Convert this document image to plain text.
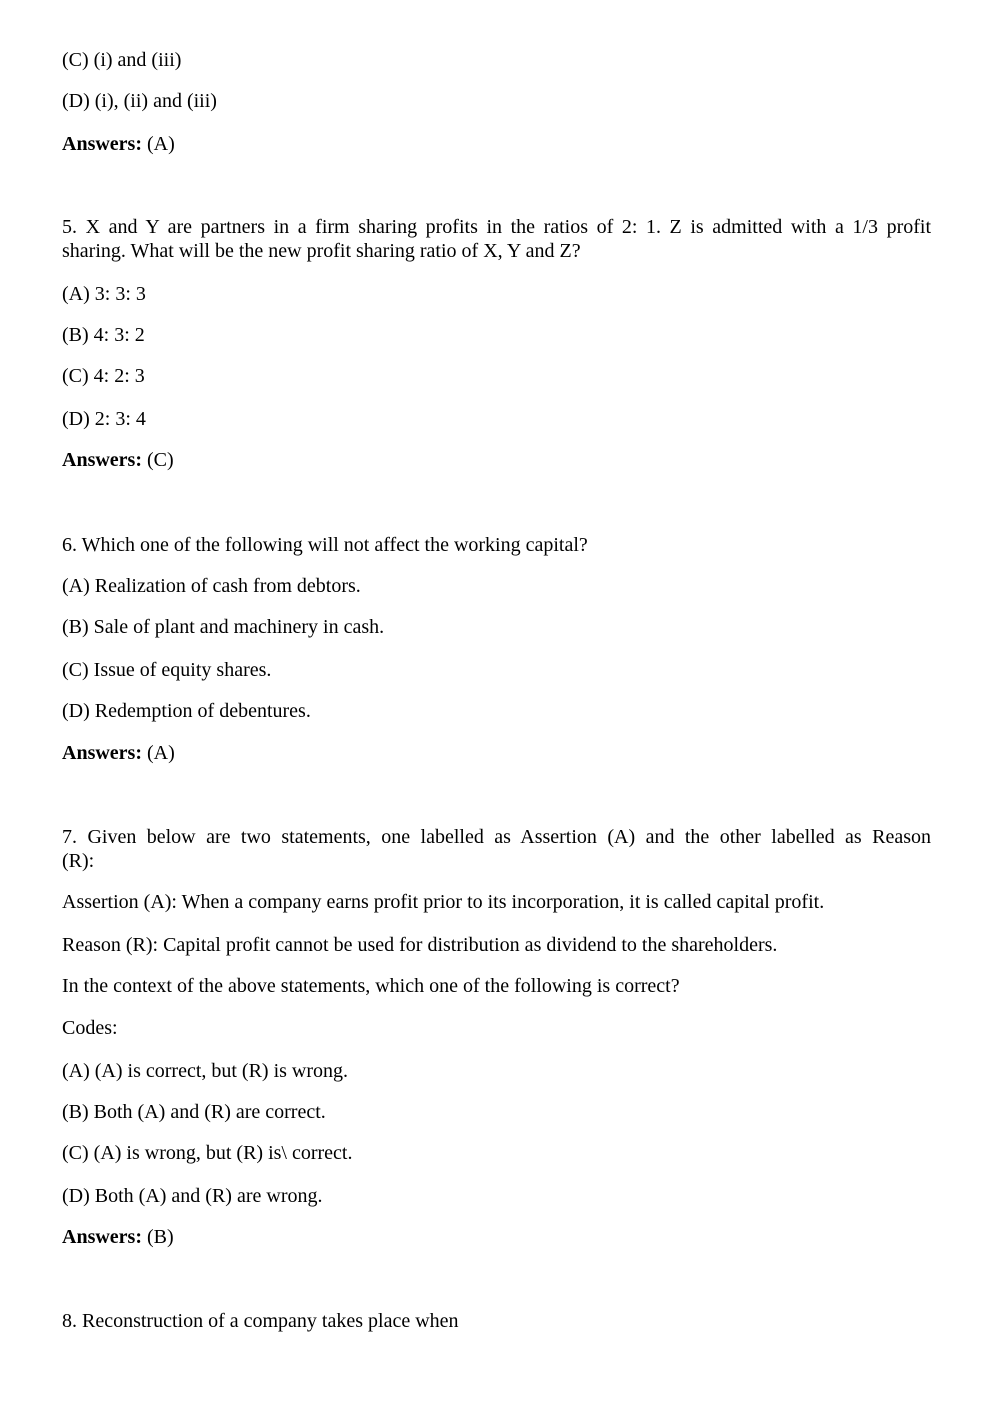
(C) (i) and (iii)
(D) (i), (ii) and (iii)
Answers: (A)
5. X and Y are partners in a firm sharing profits in the ratios of 2: 1. Z is admitted with a 1/3 profit
sharing. What will be the new profit sharing ratio of X, Y and Z?
(A) 3: 3: 3
(B) 4: 3: 2
(C) 4: 2: 3
(D) 2: 3: 4
Answers: (C)
6. Which one of the following will not affect the working capital?
(A) Realization of cash from debtors.
(B) Sale of plant and machinery in cash.
(C) Issue of equity shares.
(D) Redemption of debentures.
Answers: (A)
7. Given below are two statements, one labelled as Assertion (A) and the other labelled as Reason
(R):
Assertion (A): When a company earns profit prior to its incorporation, it is called capital profit.
Reason (R): Capital profit cannot be used for distribution as dividend to the shareholders.
In the context of the above statements, which one of the following is correct?
Codes:
(A) (A) is correct, but (R) is wrong.
(B) Both (A) and (R) are correct.
(C) (A) is wrong, but (R) is\ correct.
(D) Both (A) and (R) are wrong.
Answers: (B)
8. Reconstruction of a company takes place when
